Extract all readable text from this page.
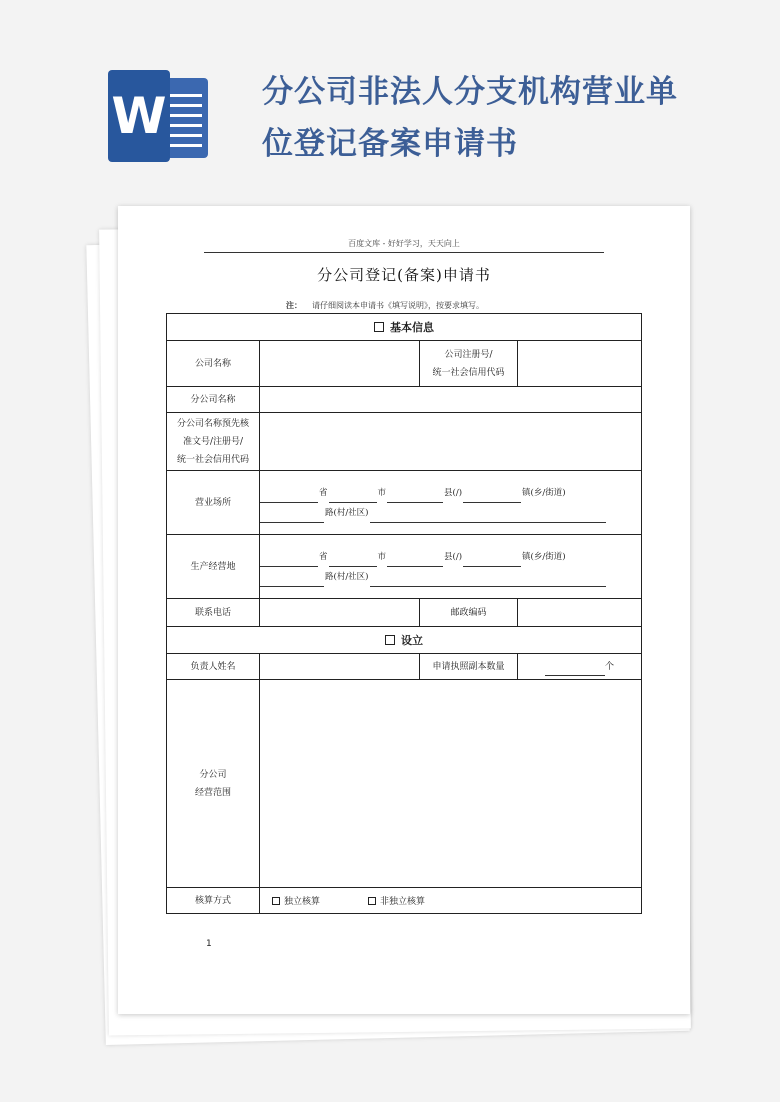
W	分公司非法人分支机构营业单位登记备案申请书
百度文库 - 好好学习，天天向上
分公司登记(备案)申请书
注： 请仔细阅读本申请书《填写说明》，按要求填写。
基本信息			
公司名称		公司注册号/
统一社会信用代码	

分公司名称			

分公司名称预先核
准文号/注册号/
统一社会信用代码			

营业场所	省 市 县(/) 镇(乡/街道)
路(村/社区)		

生产经营地	省 市 县(/) 镇(乡/街道)
路(村/社区)		

联系电话		邮政编码	
设立			
负责人姓名		申请执照副本数量	个

分公司
经营范围			

核算方式	独立核算 非独立核算		
1
